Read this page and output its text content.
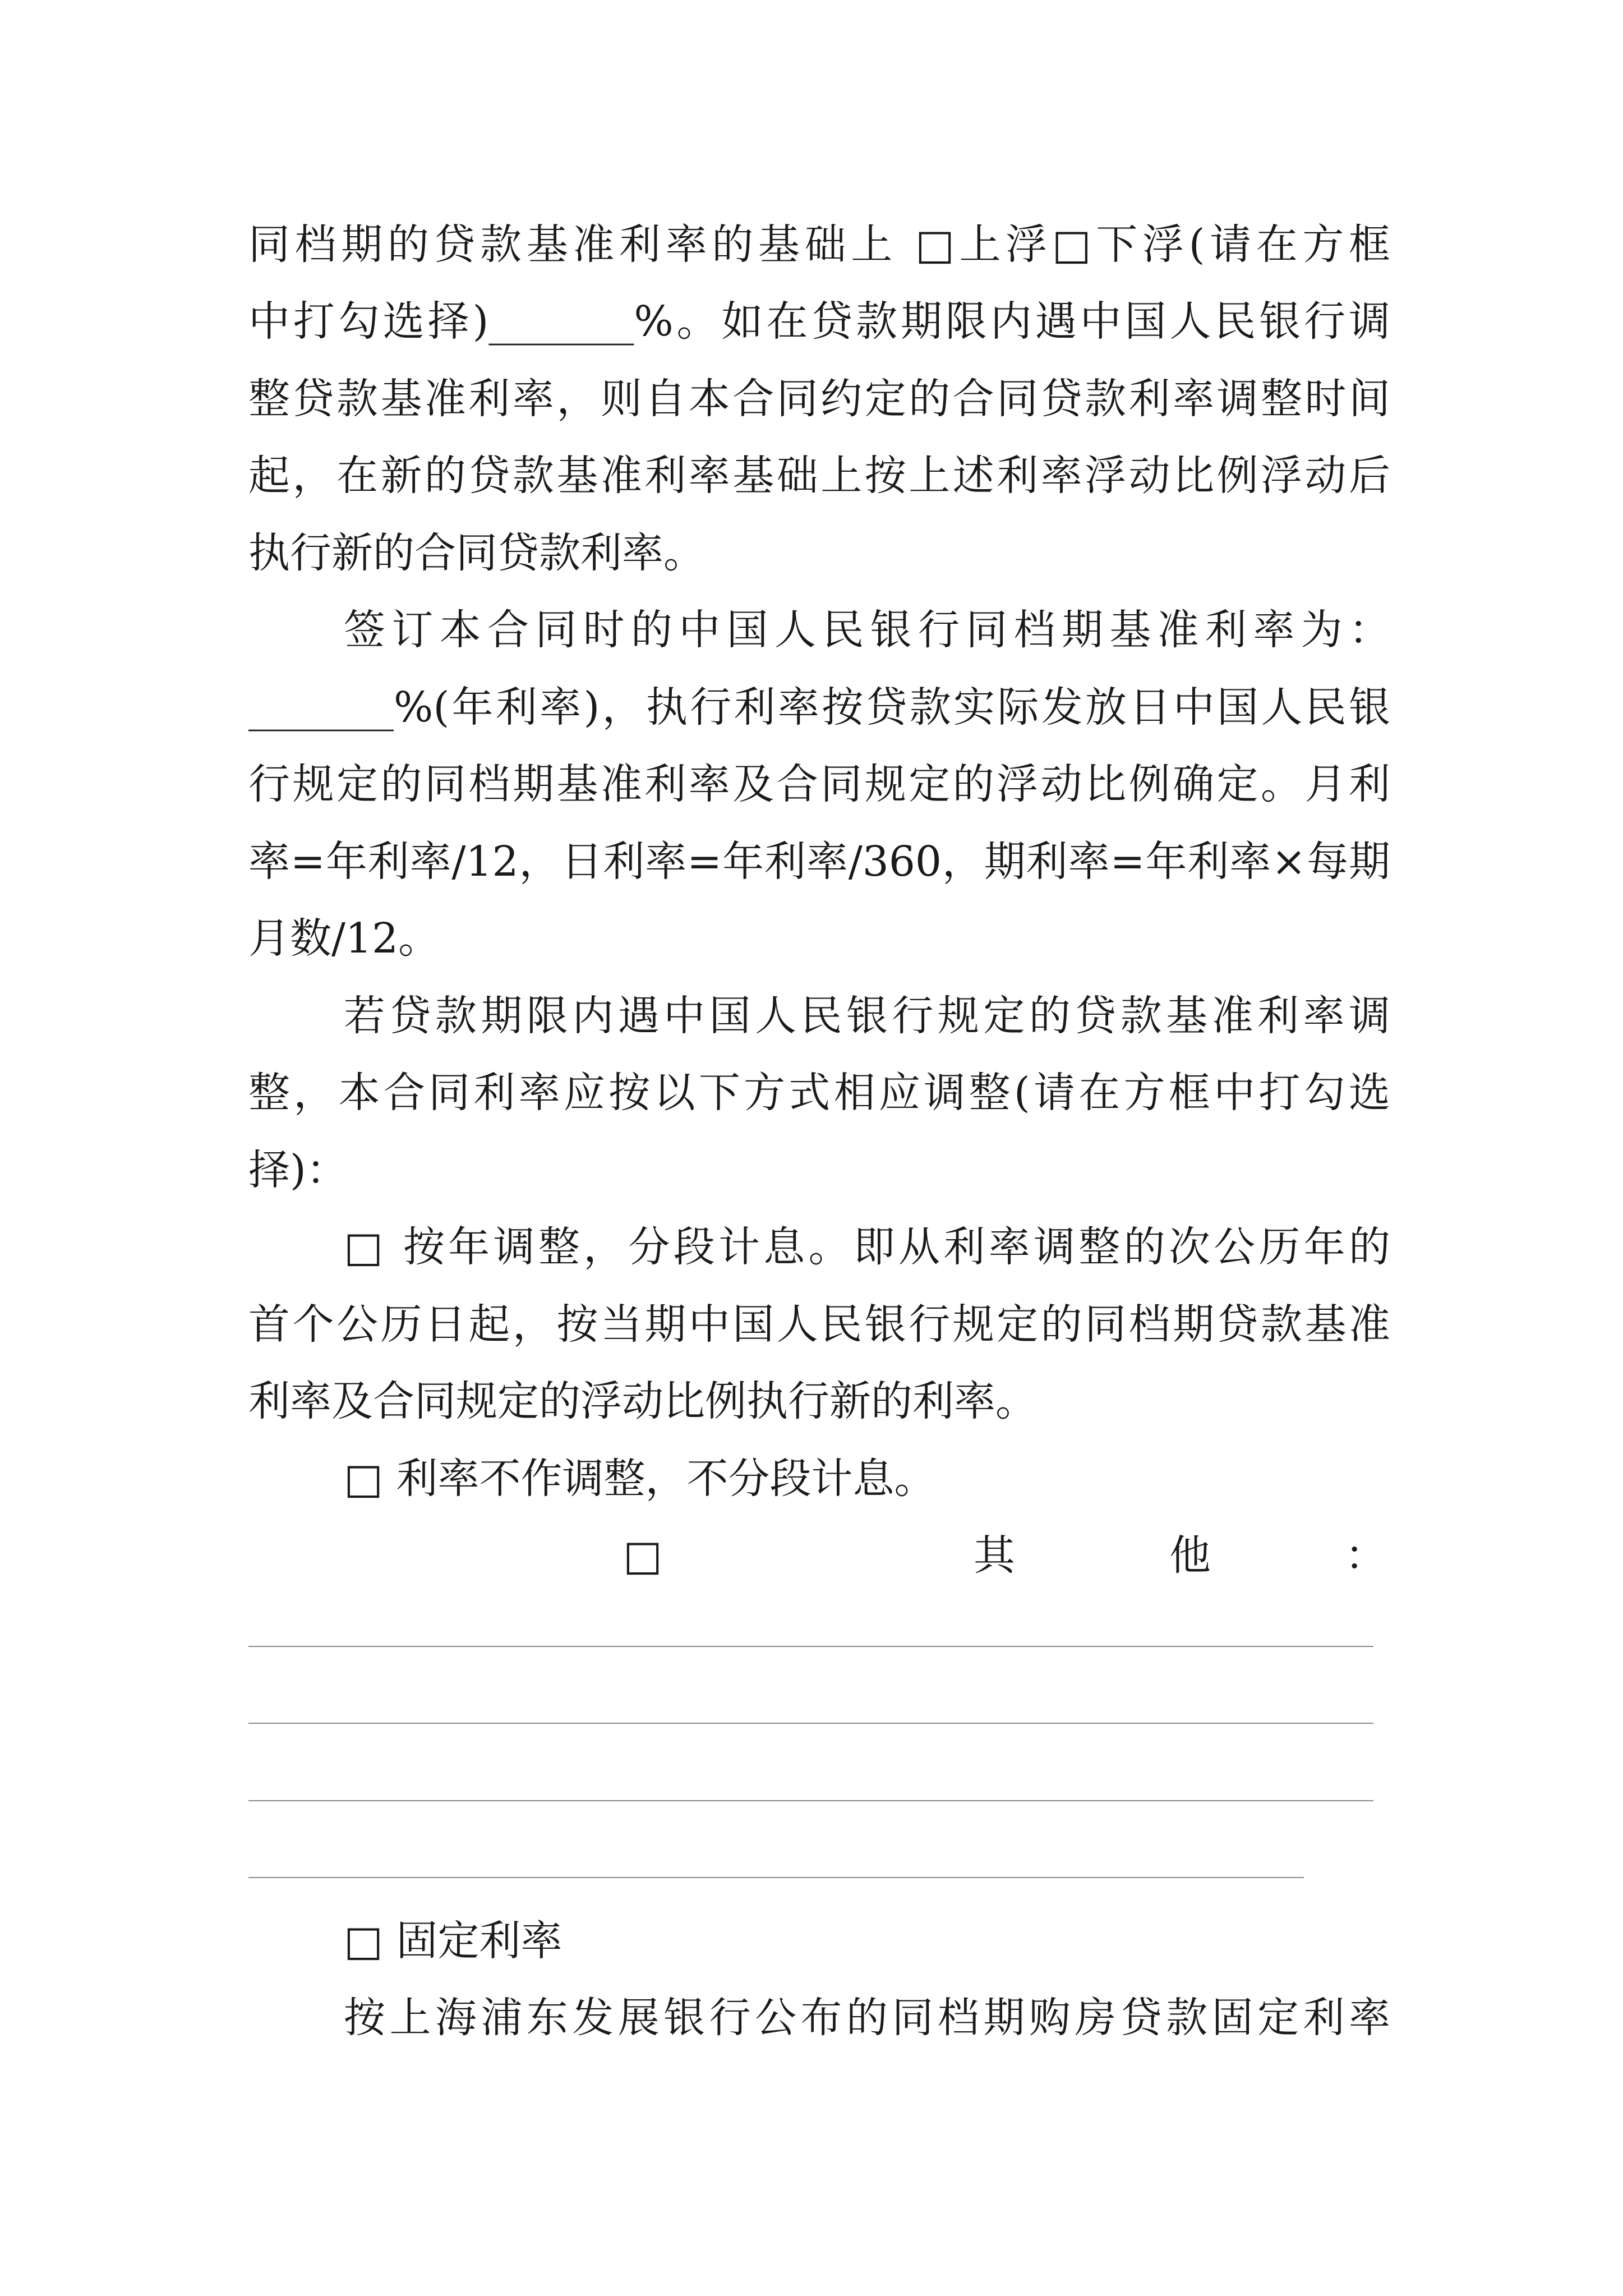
同档期的贷款基准利率的基础上 □上浮□下浮(请在方框
中打勾选择)_______%。如在贷款期限内遇中国人民银行调
整贷款基准利率，则自本合同约定的合同贷款利率调整时间
起，在新的贷款基准利率基础上按上述利率浮动比例浮动后
执行新的合同贷款利率。
签订本合同时的中国人民银行同档期基准利率为：
_______%(年利率)，执行利率按贷款实际发放日中国人民银
行规定的同档期基准利率及合同规定的浮动比例确定。月利
率=年利率/12，日利率=年利率/360，期利率=年利率×每期
月数/12。
若贷款期限内遇中国人民银行规定的贷款基准利率调
整，本合同利率应按以下方式相应调整(请在方框中打勾选
择)：
□ 按年调整，分段计息。即从利率调整的次公历年的
首个公历日起，按当期中国人民银行规定的同档期贷款基准
利率及合同规定的浮动比例执行新的利率。
□ 利率不作调整，不分段计息。
□	其	他	：
□ 固定利率
按上海浦东发展银行公布的同档期购房贷款固定利率
